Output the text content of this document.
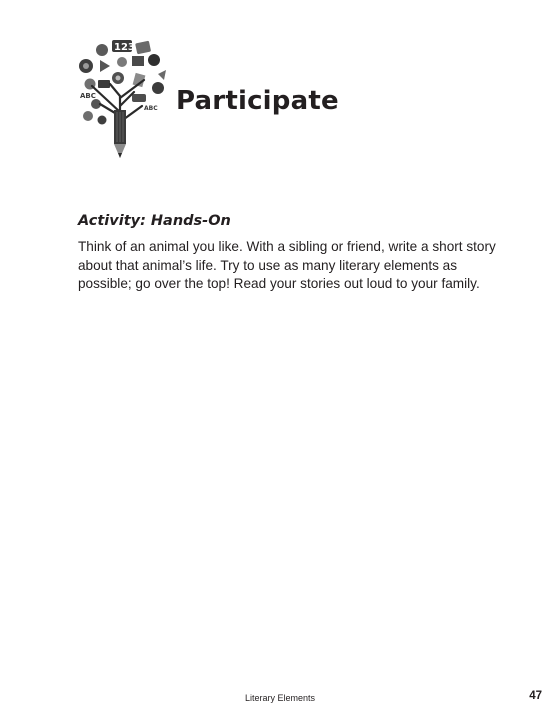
123
ABC
ABC Participate
Activity: Hands-On

Think of an animal you like. With a sibling or friend, write a short story about that animal’s life. Try to use as many literary elements as possible; go over the top! Read your stories out loud to your family.

Literary Elements	47
